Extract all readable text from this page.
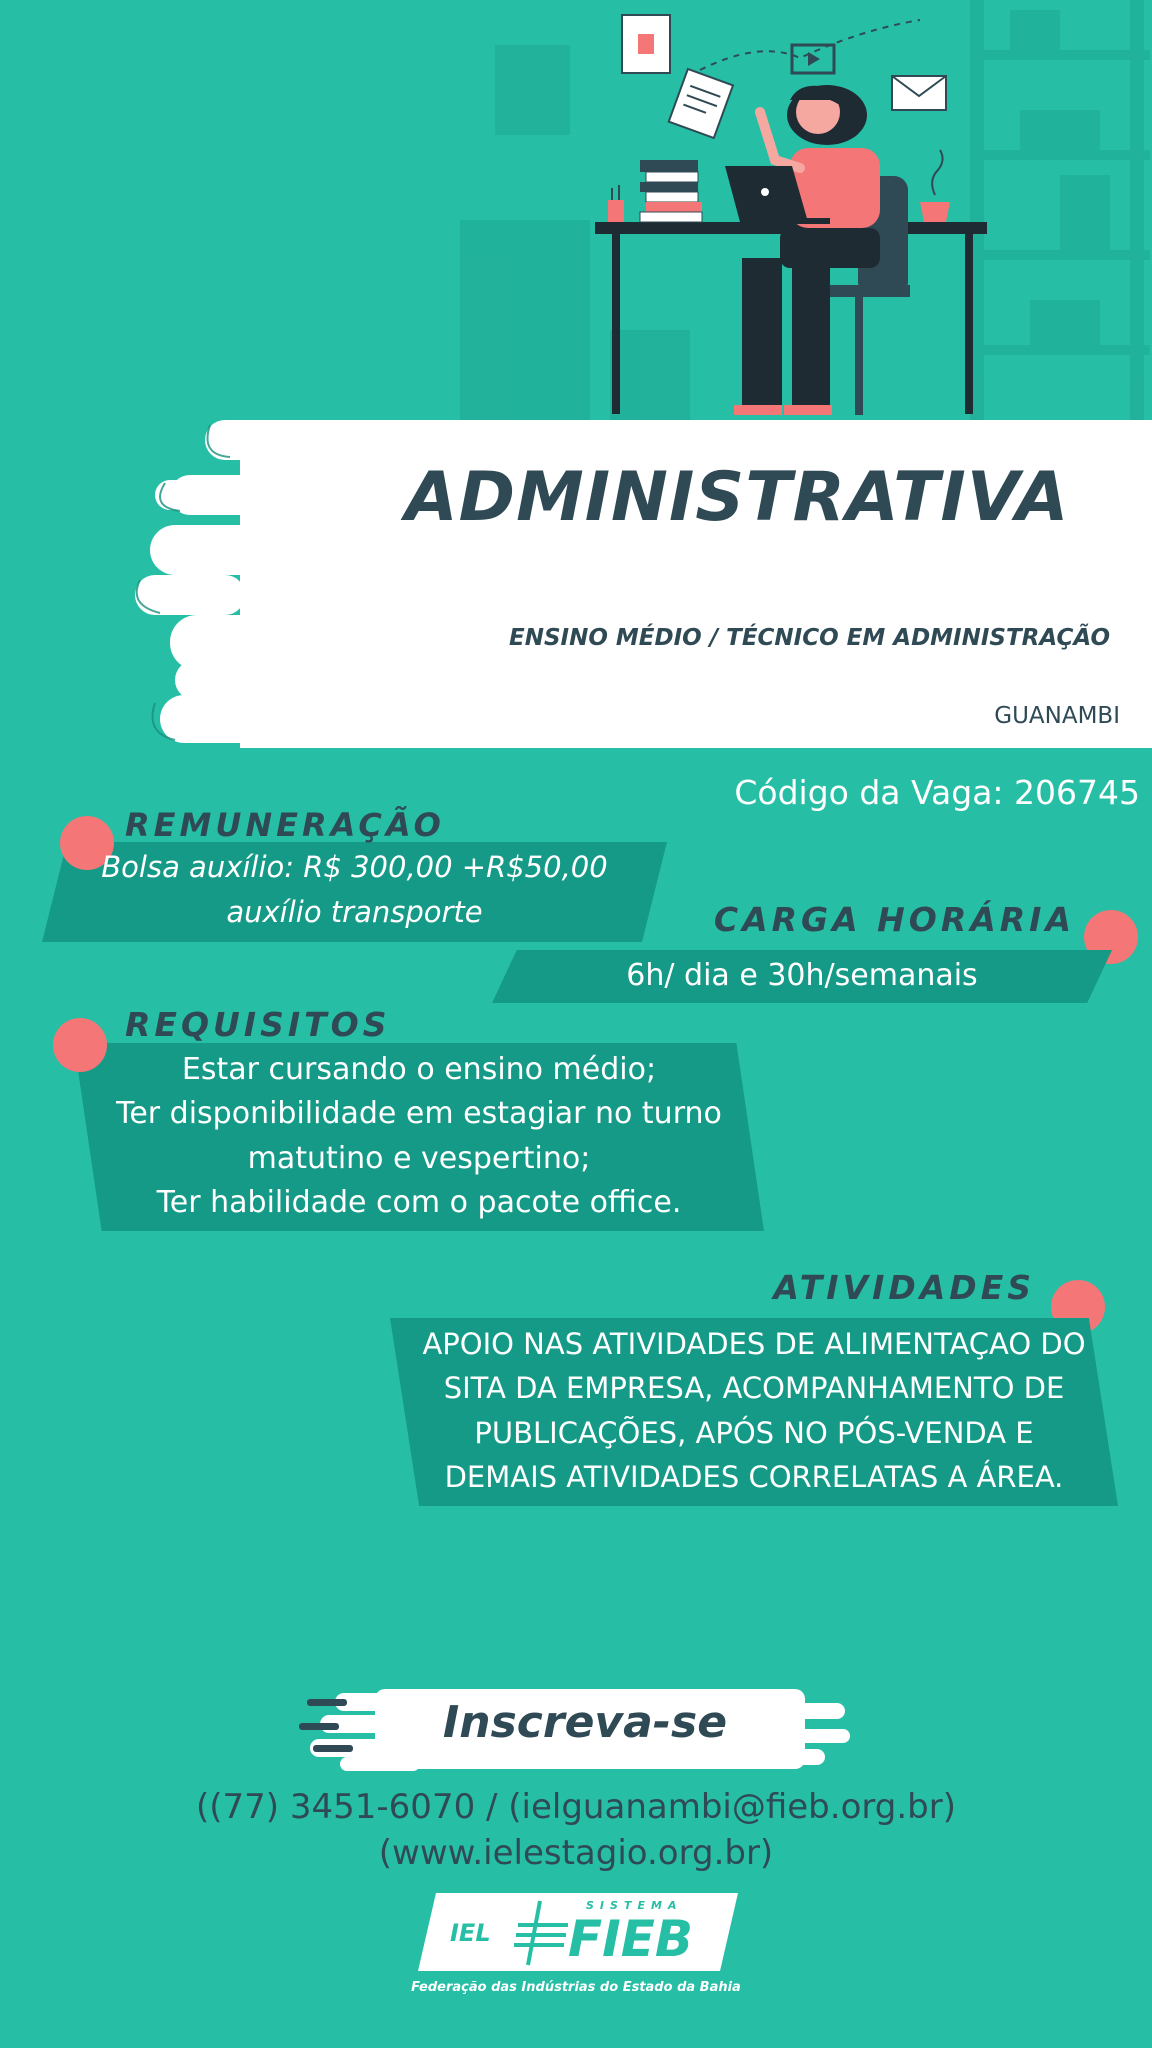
ADMINISTRATIVA
ENSINO MÉDIO / TÉCNICO EM ADMINISTRAÇÃO
GUANAMBI
Código da Vaga: 206745
REMUNERAÇÃO
Bolsa auxílio: R$ 300,00 +R$50,00
auxílio transporte	CARGA HORÁRIA
6h/ dia e 30h/semanais
REQUISITOS
Estar cursando o ensino médio;
Ter disponibilidade em estagiar no turno
matutino e vespertino;
Ter habilidade com o pacote office.
ATIVIDADES
APOIO NAS ATIVIDADES DE ALIMENTAÇAO DO
SITA DA EMPRESA, ACOMPANHAMENTO DE
PUBLICAÇÕES, APÓS NO PÓS-VENDA E
DEMAIS ATIVIDADES CORRELATAS A ÁREA.
Inscreva-se
((77) 3451-6070 / (ielguanambi@fieb.org.br)
(www.ielestagio.org.br)
IEL
SISTEMA
FIEB
Federação das Indústrias do Estado da Bahia
